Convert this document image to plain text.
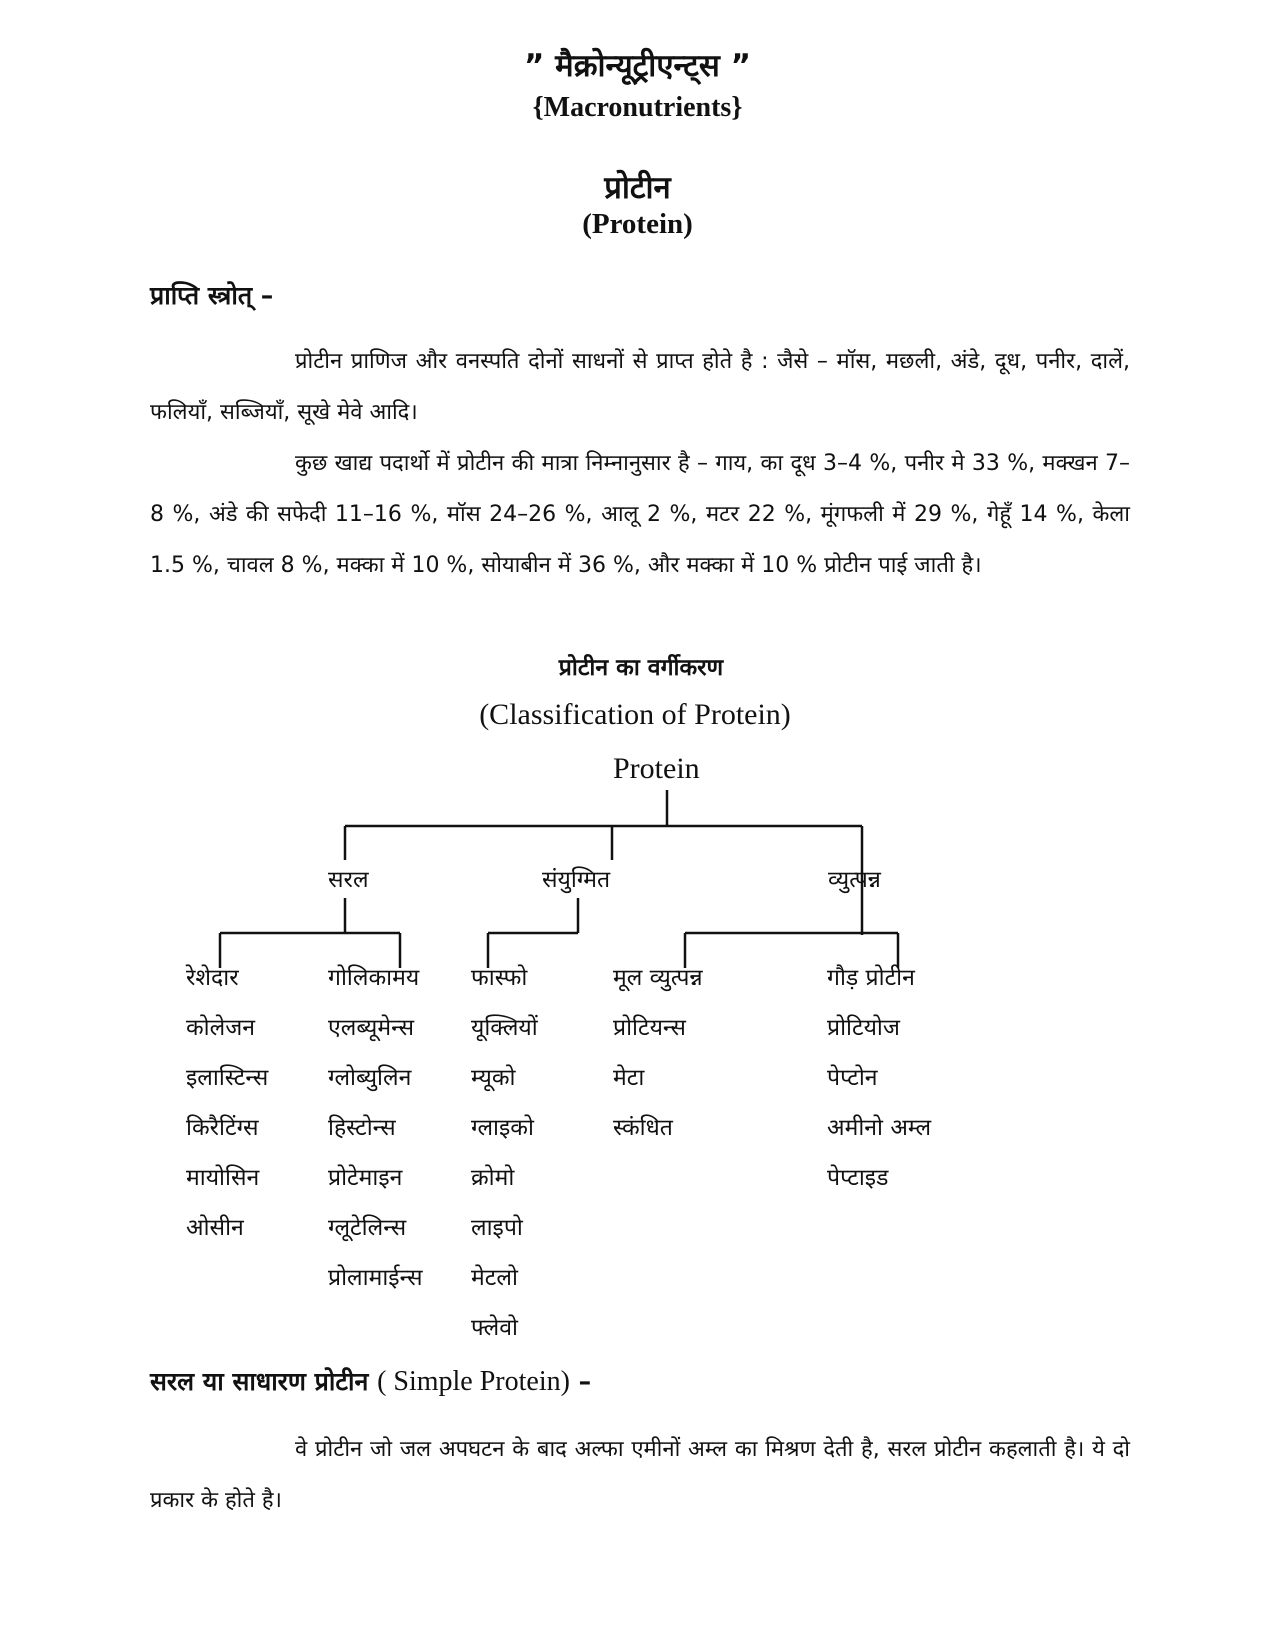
” मैक्रोन्यूट्रीएन्ट्स ”
{Macronutrients}
प्रोटीन
(Protein)
प्राप्ति स्त्रोत् –

प्रोटीन प्राणिज और वनस्पति दोनों साधनों से प्राप्त होते है : जैसे – मॉस, मछली, अंडे, दूध, पनीर, दालें, फलियाँ, सब्जियाँ, सूखे मेवे आदि।

कुछ खाद्य पदार्थो में प्रोटीन की मात्रा निम्नानुसार है – गाय, का दूध 3–4 %, पनीर मे 33 %, मक्खन 7–8 %, अंडे की सफेदी 11–16 %, मॉस 24–26 %, आलू 2 %, मटर 22 %, मूंगफली में 29 %, गेहूँ 14 %, केला 1.5 %, चावल 8 %, मक्का में 10 %, सोयाबीन में 36 %, और मक्का में 10 % प्रोटीन पाई जाती है।

प्रोटीन का वर्गीकरण
(Classification of Protein)
Protein
सरल	संयुग्मित	व्युत्पन्न
रेशेदार
कोलेजन
इलास्टिन्स
किरैटिंग्स
मायोसिन
ओसीन
गोलिकामय
एलब्यूमेन्स
ग्लोब्युलिन
हिस्टोन्स
प्रोटेमाइन
ग्लूटेलिन्स
प्रोलामाईन्स
फास्फो
यूक्लियों
म्यूको
ग्लाइको
क्रोमो
लाइपो
मेटलो
फ्लेवो
मूल व्युत्पन्न
प्रोटियन्स
मेटा
स्कंधित
गौड़ प्रोटीन
प्रोटियोज
पेप्टोन
अमीनो अम्ल
पेप्टाइड
सरल या साधारण प्रोटीन ( Simple Protein) –

वे प्रोटीन जो जल अपघटन के बाद अल्फा एमीनों अम्ल का मिश्रण देती है, सरल प्रोटीन कहलाती है। ये दो प्रकार के होते है।
